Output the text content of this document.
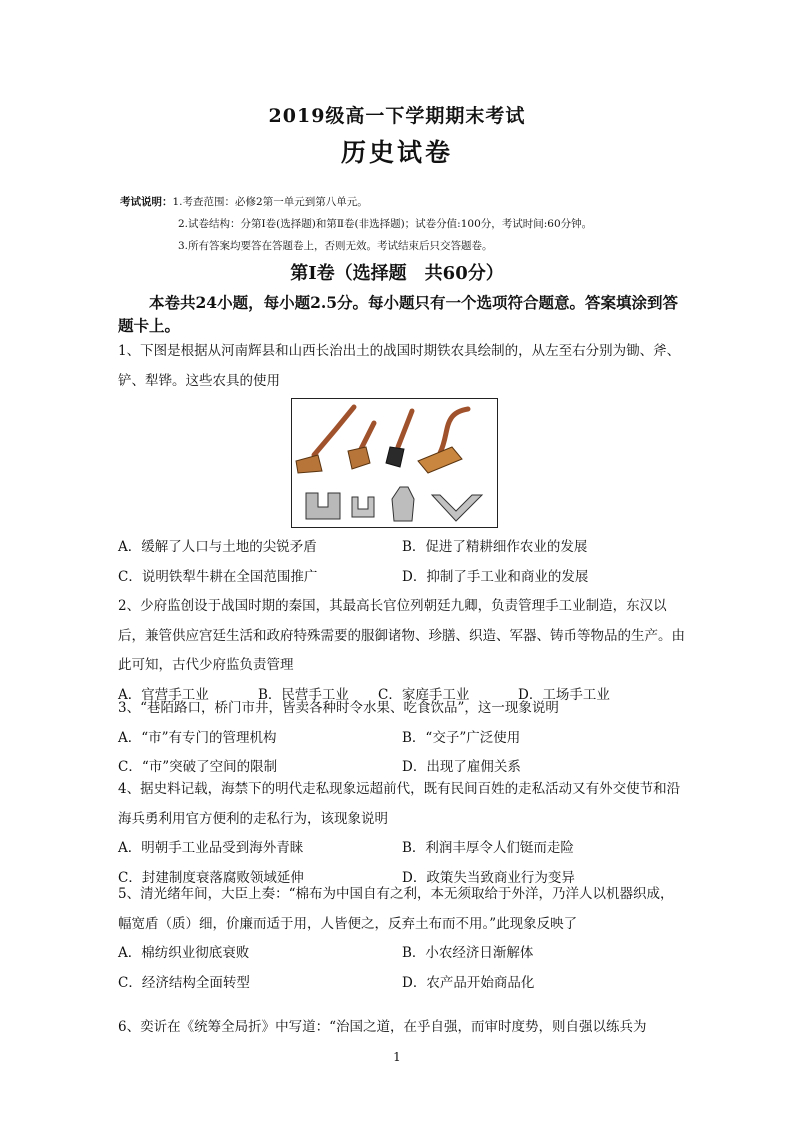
2019级高一下学期期末考试
历史试卷
考试说明：1.考查范围：必修2第一单元到第八单元。
2.试卷结构：分第Ⅰ卷(选择题)和第Ⅱ卷(非选择题)；试卷分值:100分，考试时间:60分钟。
3.所有答案均要答在答题卷上，否则无效。考试结束后只交答题卷。
第Ⅰ卷（选择题　共60分）
本卷共24小题，每小题2.5分。每小题只有一个选项符合题意。答案填涂到答题卡上。

1、下图是根据从河南辉县和山西长治出土的战国时期铁农具绘制的，从左至右分别为锄、斧、铲、犁铧。这些农具的使用

A．缓解了人口与土地的尖锐矛盾	B．促进了精耕细作农业的发展
C．说明铁犁牛耕在全国范围推广	D．抑制了手工业和商业的发展

2、少府监创设于战国时期的秦国，其最高长官位列朝廷九卿，负责管理手工业制造，东汉以后，兼管供应宫廷生活和政府特殊需要的服御诸物、珍膳、织造、军器、铸币等物品的生产。由此可知，古代少府监负责管理

A．官营手工业	B．民营手工业	C．家庭手工业	D．工场手工业

3、“巷陌路口，桥门市井，皆卖各种时令水果、吃食饮品”，这一现象说明

A．“市”有专门的管理机构	B．“交子”广泛使用
C．“市”突破了空间的限制	D．出现了雇佣关系

4、据史料记载，海禁下的明代走私现象远超前代，既有民间百姓的走私活动又有外交使节和沿海兵勇利用官方便利的走私行为，该现象说明

A．明朝手工业品受到海外青睐	B．利润丰厚令人们铤而走险
C．封建制度衰落腐败领域延伸	D．政策失当致商业行为变异

5、清光绪年间，大臣上奏：“棉布为中国自有之利，本无须取给于外洋，乃洋人以机器织成，幅宽盾（质）细，价廉而适于用，人皆便之，反弃土布而不用。”此现象反映了

A．棉纺织业彻底衰败	B．小农经济日渐解体
C．经济结构全面转型	D．农产品开始商品化

6、奕䜣在《统筹全局折》中写道：“治国之道，在乎自强，而审时度势，则自强以练兵为

1
